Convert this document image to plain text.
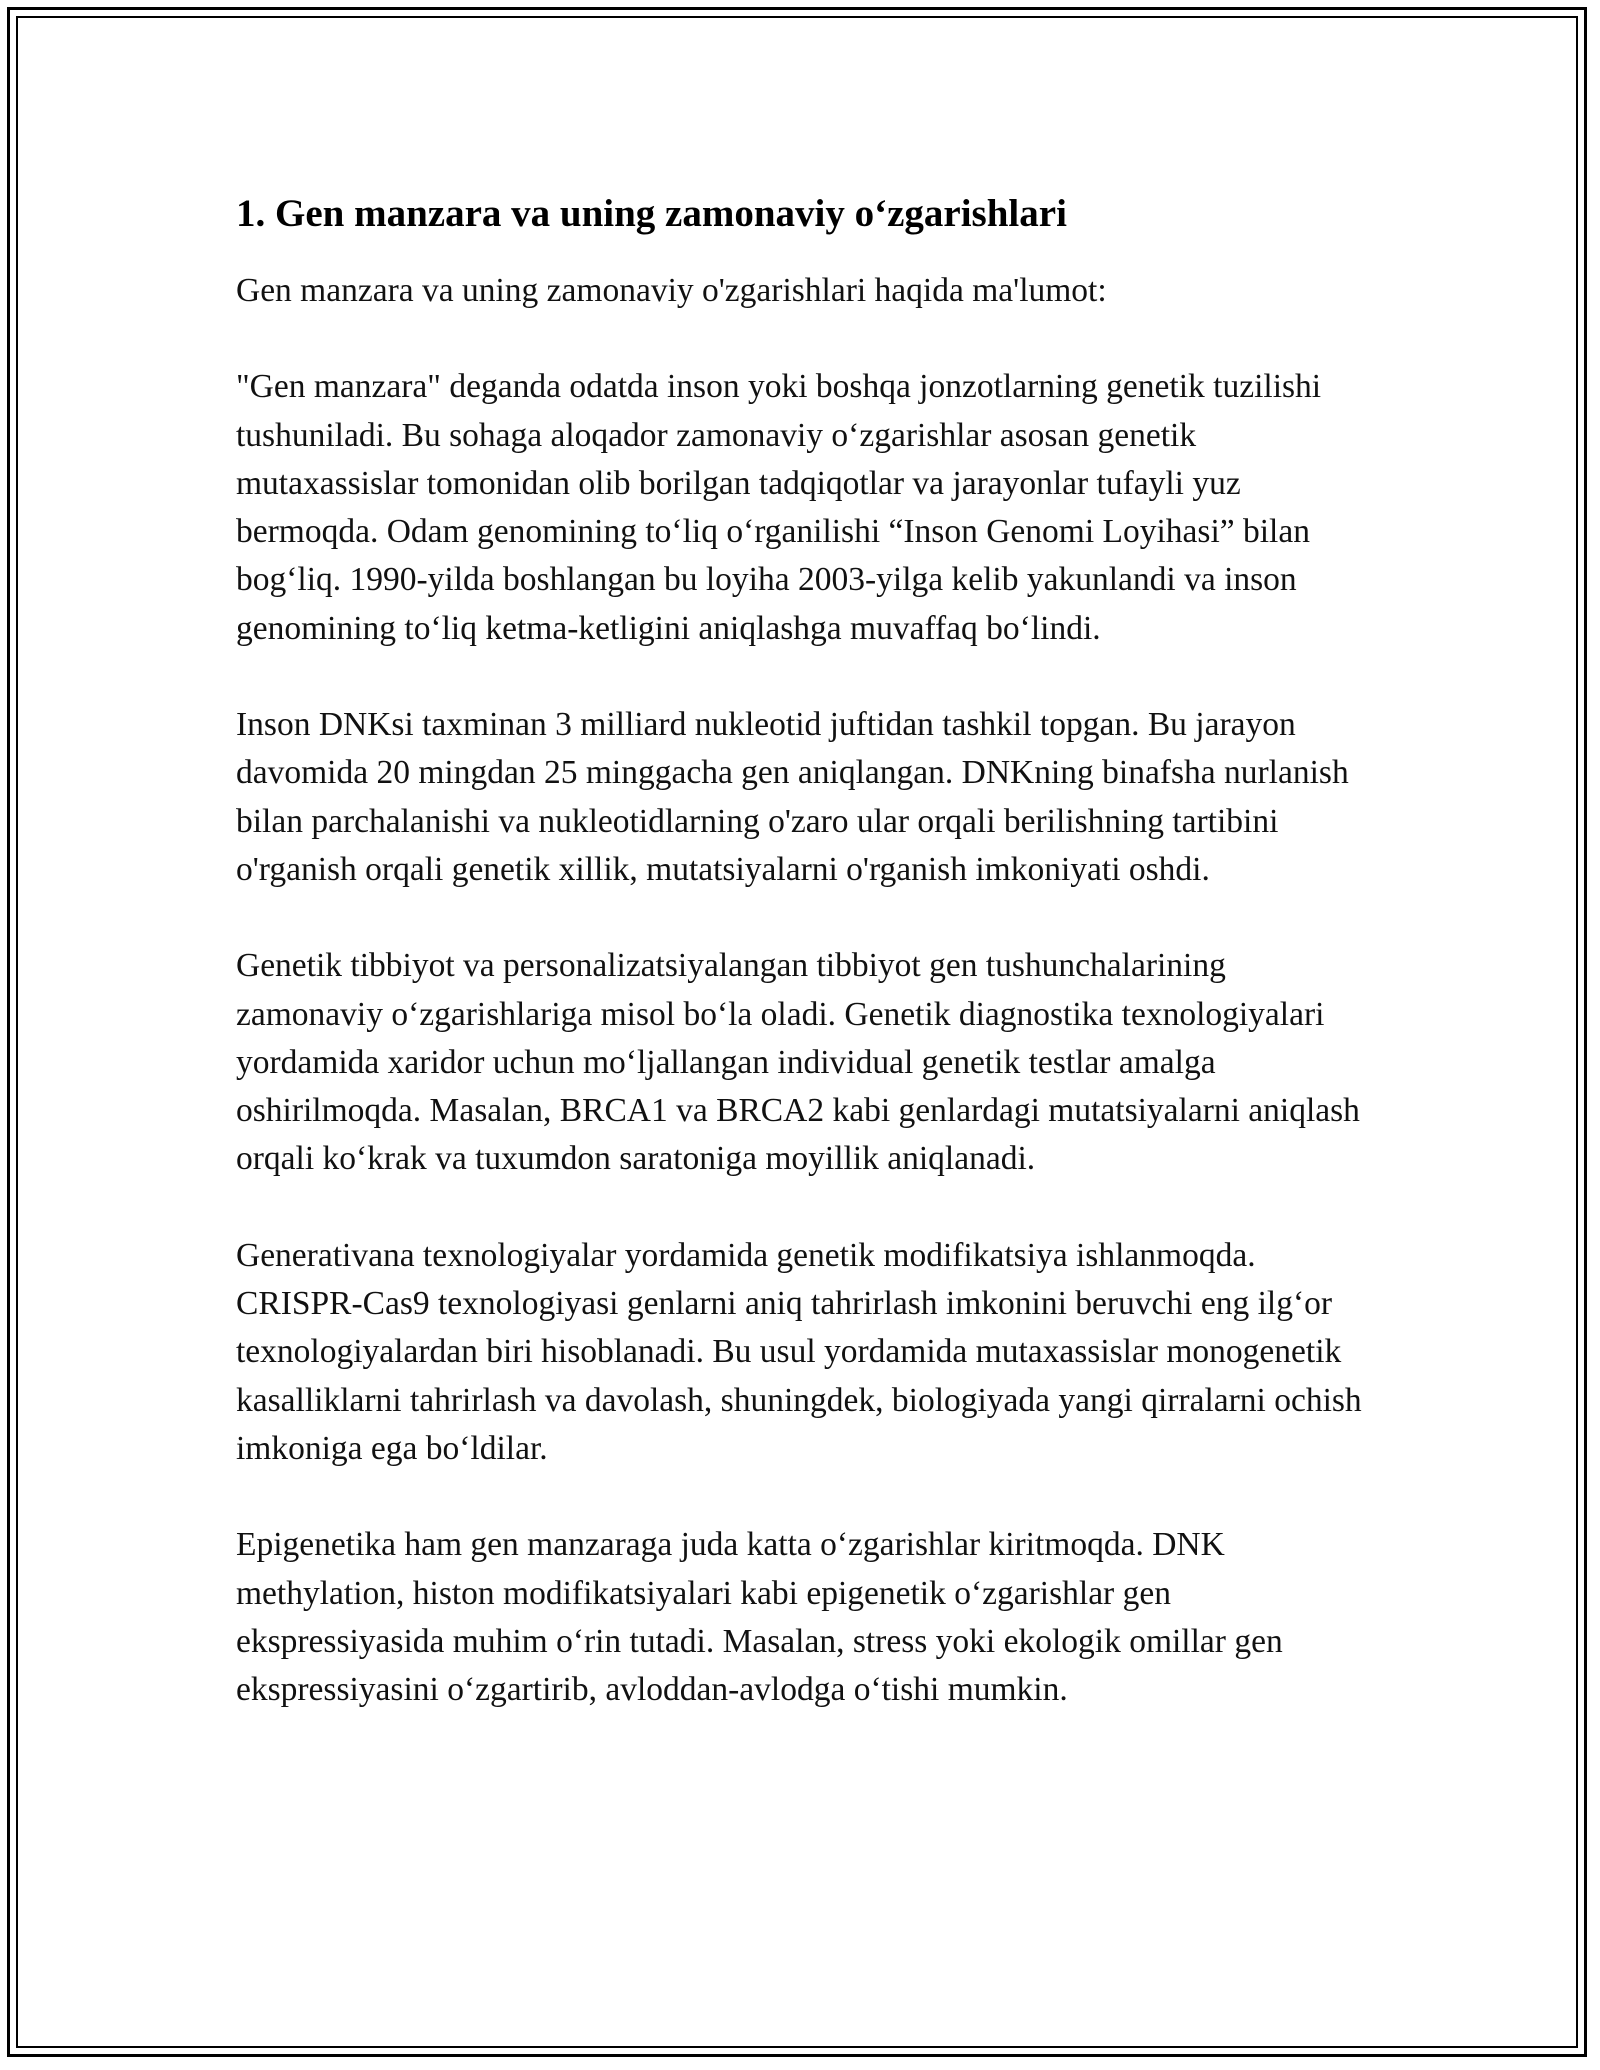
1. Gen manzara va uning zamonaviy o‘zgarishlari

Gen manzara va uning zamonaviy o'zgarishlari haqida ma'lumot:

"Gen manzara" deganda odatda inson yoki boshqa jonzotlarning genetik tuzilishi tushuniladi. Bu sohaga aloqador zamonaviy o‘zgarishlar asosan genetik mutaxassislar tomonidan olib borilgan tadqiqotlar va jarayonlar tufayli yuz bermoqda. Odam genomining to‘liq o‘rganilishi “Inson Genomi Loyihasi” bilan bog‘liq. 1990-yilda boshlangan bu loyiha 2003-yilga kelib yakunlandi va inson genomining to‘liq ketma-ketligini aniqlashga muvaffaq bo‘lindi.

Inson DNKsi taxminan 3 milliard nukleotid juftidan tashkil topgan. Bu jarayon davomida 20 mingdan 25 minggacha gen aniqlangan. DNKning binafsha nurlanish bilan parchalanishi va nukleotidlarning o'zaro ular orqali berilishning tartibini o'rganish orqali genetik xillik, mutatsiyalarni o'rganish imkoniyati oshdi.

Genetik tibbiyot va personalizatsiyalangan tibbiyot gen tushunchalarining zamonaviy o‘zgarishlariga misol bo‘la oladi. Genetik diagnostika texnologiyalari yordamida xaridor uchun mo‘ljallangan individual genetik testlar amalga oshirilmoqda. Masalan, BRCA1 va BRCA2 kabi genlardagi mutatsiyalarni aniqlash orqali ko‘krak va tuxumdon saratoniga moyillik aniqlanadi.

Generativana texnologiyalar yordamida genetik modifikatsiya ishlanmoqda. CRISPR-Cas9 texnologiyasi genlarni aniq tahrirlash imkonini beruvchi eng ilg‘or texnologiyalardan biri hisoblanadi. Bu usul yordamida mutaxassislar monogenetik kasalliklarni tahrirlash va davolash, shuningdek, biologiyada yangi qirralarni ochish imkoniga ega bo‘ldilar.

Epigenetika ham gen manzaraga juda katta o‘zgarishlar kiritmoqda. DNK methylation, histon modifikatsiyalari kabi epigenetik o‘zgarishlar gen ekspressiyasida muhim o‘rin tutadi. Masalan, stress yoki ekologik omillar gen ekspressiyasini o‘zgartirib, avloddan-avlodga o‘tishi mumkin.
